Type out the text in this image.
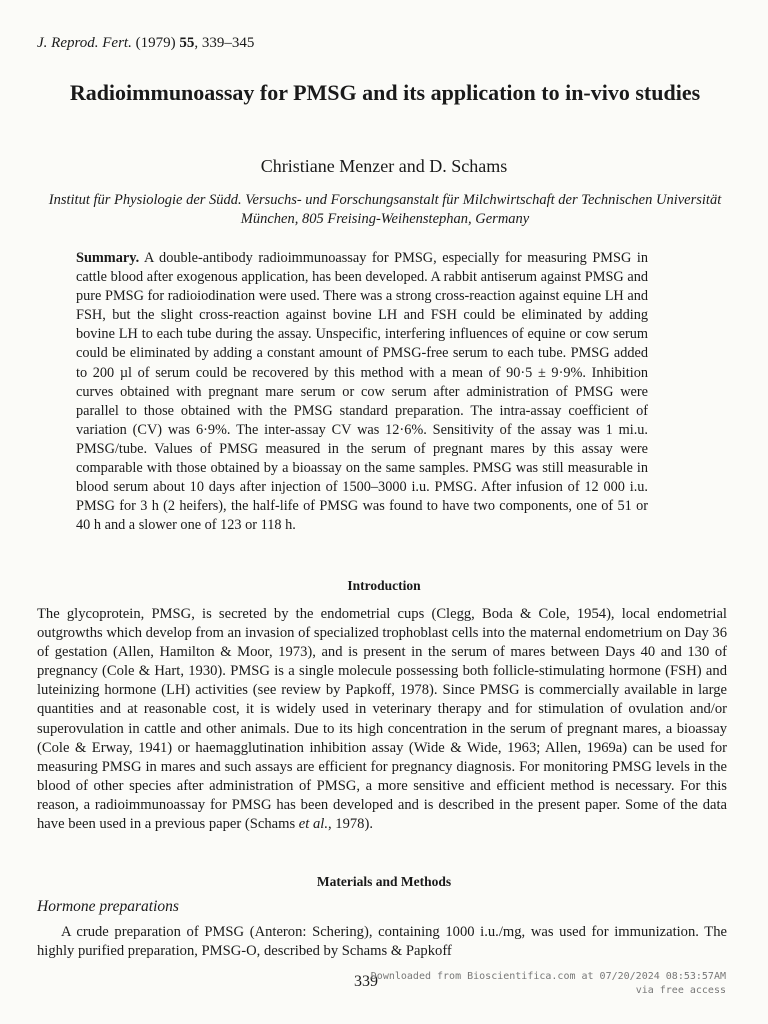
J. Reprod. Fert. (1979) 55, 339–345
Radioimmunoassay for PMSG and its application to in-vivo studies
Christiane Menzer and D. Schams
Institut für Physiologie der Südd. Versuchs- und Forschungsanstalt für Milchwirtschaft der Technischen Universität München, 805 Freising-Weihenstephan, Germany
Summary. A double-antibody radioimmunoassay for PMSG, especially for measuring PMSG in cattle blood after exogenous application, has been developed. A rabbit antiserum against PMSG and pure PMSG for radioiodination were used. There was a strong cross-reaction against equine LH and FSH, but the slight cross-reaction against bovine LH and FSH could be eliminated by adding bovine LH to each tube during the assay. Unspecific, interfering influences of equine or cow serum could be eliminated by adding a constant amount of PMSG-free serum to each tube. PMSG added to 200 µl of serum could be recovered by this method with a mean of 90·5 ± 9·9%. Inhibition curves obtained with pregnant mare serum or cow serum after administration of PMSG were parallel to those obtained with the PMSG standard preparation. The intra-assay coefficient of variation (CV) was 6·9%. The inter-assay CV was 12·6%. Sensitivity of the assay was 1 mi.u. PMSG/tube. Values of PMSG measured in the serum of pregnant mares by this assay were comparable with those obtained by a bioassay on the same samples. PMSG was still measurable in blood serum about 10 days after injection of 1500–3000 i.u. PMSG. After infusion of 12 000 i.u. PMSG for 3 h (2 heifers), the half-life of PMSG was found to have two components, one of 51 or 40 h and a slower one of 123 or 118 h.
Introduction
The glycoprotein, PMSG, is secreted by the endometrial cups (Clegg, Boda & Cole, 1954), local endometrial outgrowths which develop from an invasion of specialized trophoblast cells into the maternal endometrium on Day 36 of gestation (Allen, Hamilton & Moor, 1973), and is present in the serum of mares between Days 40 and 130 of pregnancy (Cole & Hart, 1930). PMSG is a single molecule possessing both follicle-stimulating hormone (FSH) and luteinizing hormone (LH) activities (see review by Papkoff, 1978). Since PMSG is commercially available in large quantities and at reasonable cost, it is widely used in veterinary therapy and for stimulation of ovulation and/or superovulation in cattle and other animals. Due to its high concentration in the serum of pregnant mares, a bioassay (Cole & Erway, 1941) or haemagglutination inhibition assay (Wide & Wide, 1963; Allen, 1969a) can be used for measuring PMSG in mares and such assays are efficient for pregnancy diagnosis. For monitoring PMSG levels in the blood of other species after administration of PMSG, a more sensitive and efficient method is necessary. For this reason, a radioimmunoassay for PMSG has been developed and is described in the present paper. Some of the data have been used in a previous paper (Schams et al., 1978).
Materials and Methods
Hormone preparations
A crude preparation of PMSG (Anteron: Schering), containing 1000 i.u./mg, was used for immunization. The highly purified preparation, PMSG-O, described by Schams & Papkoff
339
Downloaded from Bioscientifica.com at 07/20/2024 08:53:57AM
via free access
